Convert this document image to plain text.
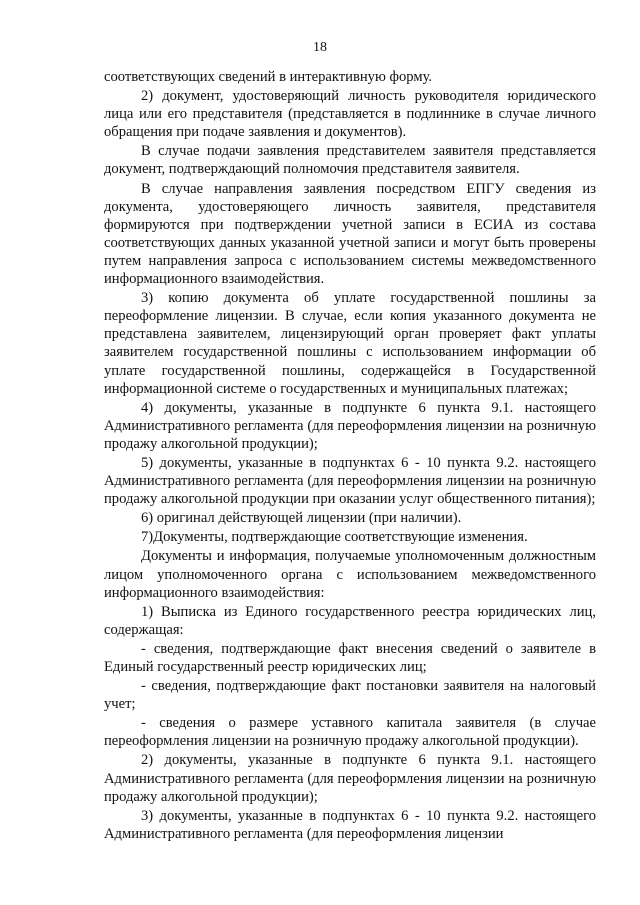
18

соответствующих сведений в интерактивную форму.

2) документ, удостоверяющий личность руководителя юридического лица или его представителя (представляется в подлиннике в случае личного обращения при подаче заявления и документов).

В случае подачи заявления представителем заявителя представляется документ, подтверждающий полномочия представителя заявителя.

В случае направления заявления посредством ЕПГУ сведения из документа, удостоверяющего личность заявителя, представителя формируются при подтверждении учетной записи в ЕСИА из состава соответствующих данных указанной учетной записи и могут быть проверены путем направления запроса с использованием системы межведомственного информационного взаимодействия.

3) копию документа об уплате государственной пошлины за переоформление лицензии. В случае, если копия указанного документа не представлена заявителем, лицензирующий орган проверяет факт уплаты заявителем государственной пошлины с использованием информации об уплате государственной пошлины, содержащейся в Государственной информационной системе о государственных и муниципальных платежах;

4) документы, указанные в подпункте 6 пункта 9.1. настоящего Административного регламента (для переоформления лицензии на розничную продажу алкогольной продукции);

5) документы, указанные в подпунктах 6 - 10 пункта 9.2. настоящего Административного регламента (для переоформления лицензии на розничную продажу алкогольной продукции при оказании услуг общественного питания);

6) оригинал действующей лицензии (при наличии).

7)Документы, подтверждающие соответствующие изменения.

Документы и информация, получаемые уполномоченным должностным лицом уполномоченного органа с использованием межведомственного информационного взаимодействия:

1) Выписка из Единого государственного реестра юридических лиц, содержащая:

- сведения, подтверждающие факт внесения сведений о заявителе в Единый государственный реестр юридических лиц;

- сведения, подтверждающие факт постановки заявителя на налоговый учет;

- сведения о размере уставного капитала заявителя (в случае переоформления лицензии на розничную продажу алкогольной продукции).

2) документы, указанные в подпункте 6 пункта 9.1. настоящего Административного регламента (для переоформления лицензии на розничную продажу алкогольной продукции);

3) документы, указанные в подпунктах 6 - 10 пункта 9.2. настоящего Административного регламента (для переоформления лицензии
